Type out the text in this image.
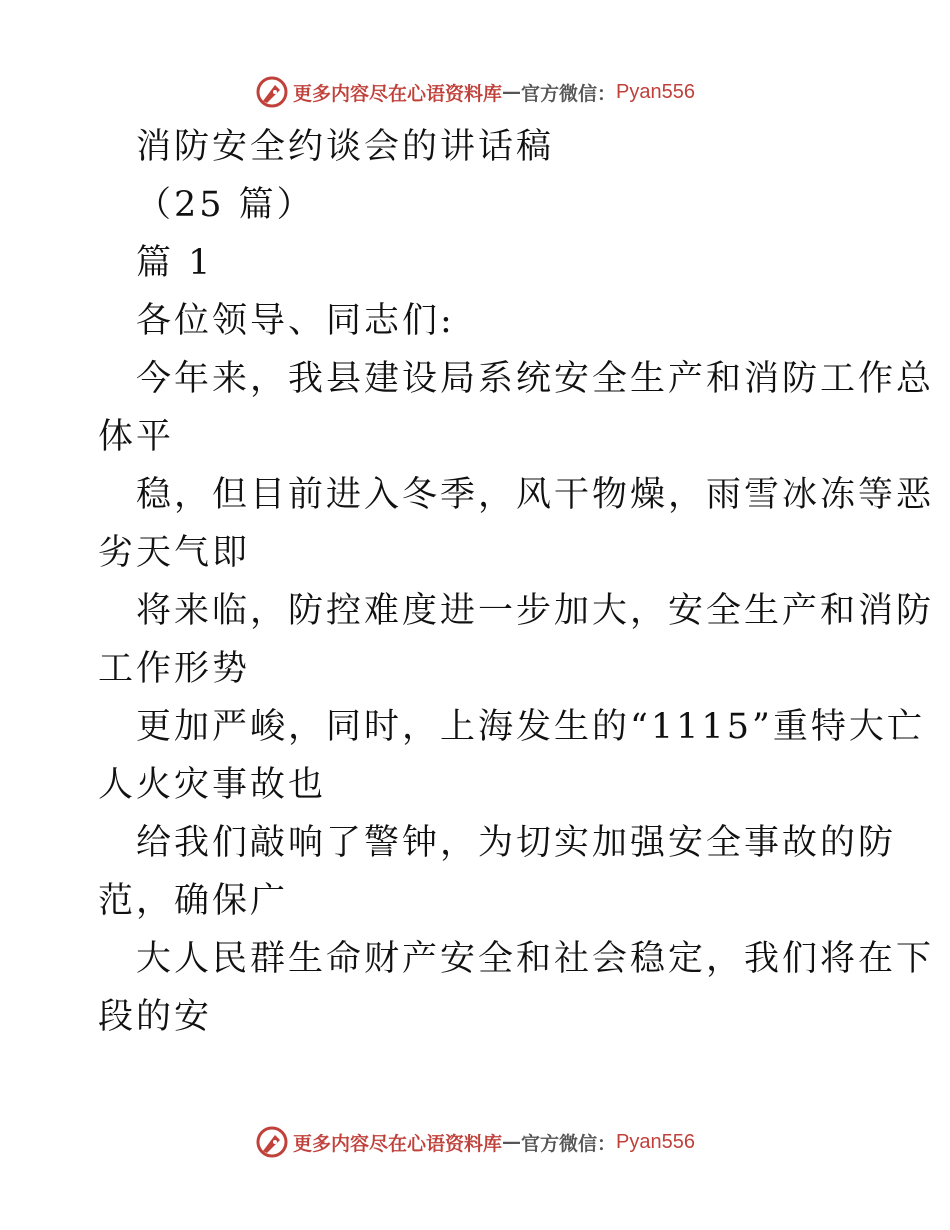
更多内容尽在心语资料库 — 官方微信： Pyan556
消防安全约谈会的讲话稿
（25 篇）
篇 1
各位领导、同志们:
今年来，我县建设局系统安全生产和消防工作总
体平
稳，但目前进入冬季，风干物燥，雨雪冰冻等恶
劣天气即
将来临，防控难度进一步加大，安全生产和消防
工作形势
更加严峻，同时，上海发生的“1115”重特大亡
人火灾事故也
给我们敲响了警钟，为切实加强安全事故的防
范，确保广
大人民群生命财产安全和社会稳定，我们将在下
段的安
更多内容尽在心语资料库 — 官方微信： Pyan556
